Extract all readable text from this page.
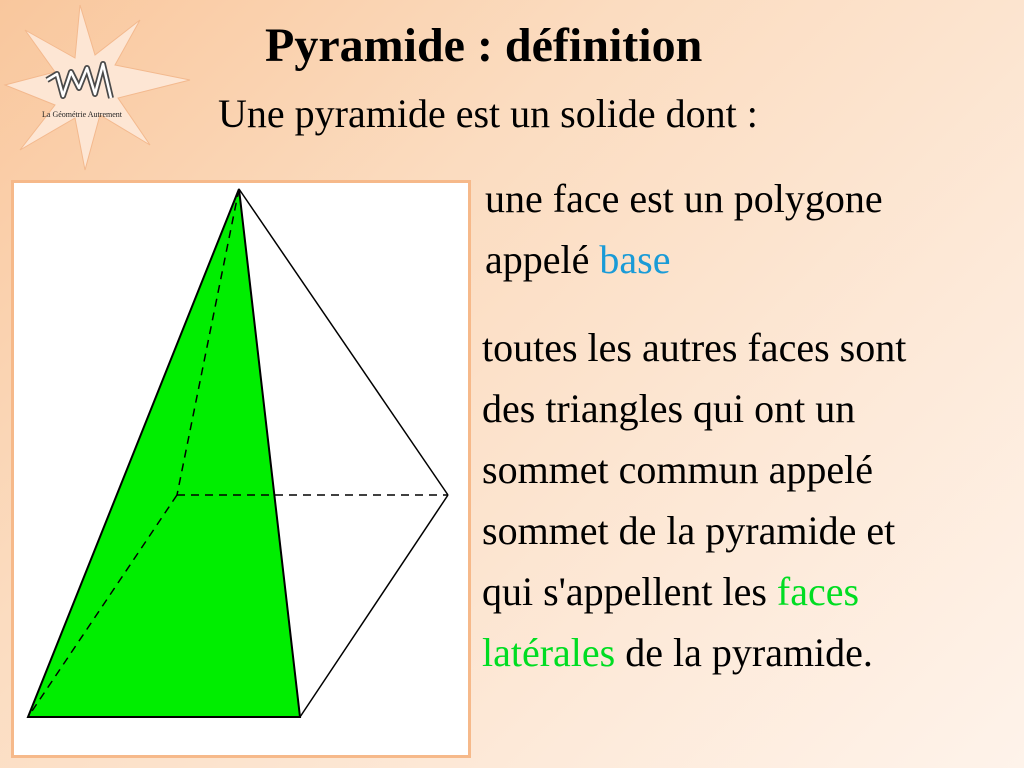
La Géométrie Autrement
Pyramide : définition
Une pyramide est un solide dont :
une face est un polygone
appelé base
toutes les autres faces sont
des triangles qui ont un
sommet commun appelé
sommet de la pyramide et
qui s'appellent les faces
latérales de la pyramide.
